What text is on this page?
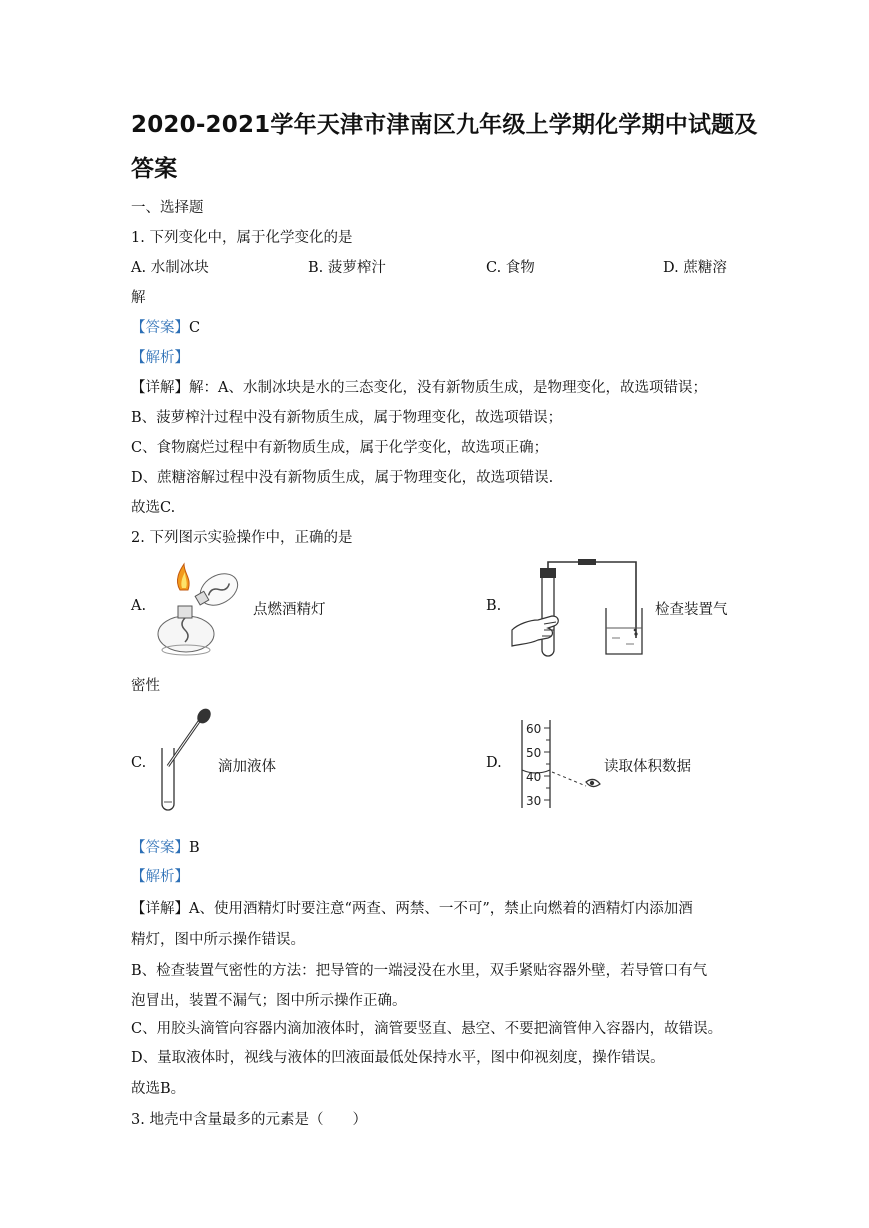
2020-2021学年天津市津南区九年级上学期化学期中试题及
答案
一、选择题
1. 下列变化中，属于化学变化的是
A. 水制冰块	B. 菠萝榨汁	C. 食物	D. 蔗糖溶
解
【答案】C
【解析】
【详解】解：A、水制冰块是水的三态变化，没有新物质生成，是物理变化，故选项错误；
B、菠萝榨汁过程中没有新物质生成，属于物理变化，故选项错误；
C、食物腐烂过程中有新物质生成，属于化学变化，故选项正确；
D、蔗糖溶解过程中没有新物质生成，属于物理变化，故选项错误.
故选C.
2. 下列图示实验操作中，正确的是
A.	点燃酒精灯	B.	检查装置气
密性
C.	滴加液体	D.
60
50
40
30
读取体积数据
【答案】B
【解析】
【详解】A、使用酒精灯时要注意“两查、两禁、一不可”，禁止向燃着的酒精灯内添加酒
精灯，图中所示操作错误。
B、检查装置气密性的方法：把导管的一端浸没在水里，双手紧贴容器外壁，若导管口有气
泡冒出，装置不漏气；图中所示操作正确。
C、用胶头滴管向容器内滴加液体时，滴管要竖直、悬空、不要把滴管伸入容器内，故错误。
D、量取液体时，视线与液体的凹液面最低处保持水平，图中仰视刻度，操作错误。
故选B。
3. 地壳中含量最多的元素是（　　）
